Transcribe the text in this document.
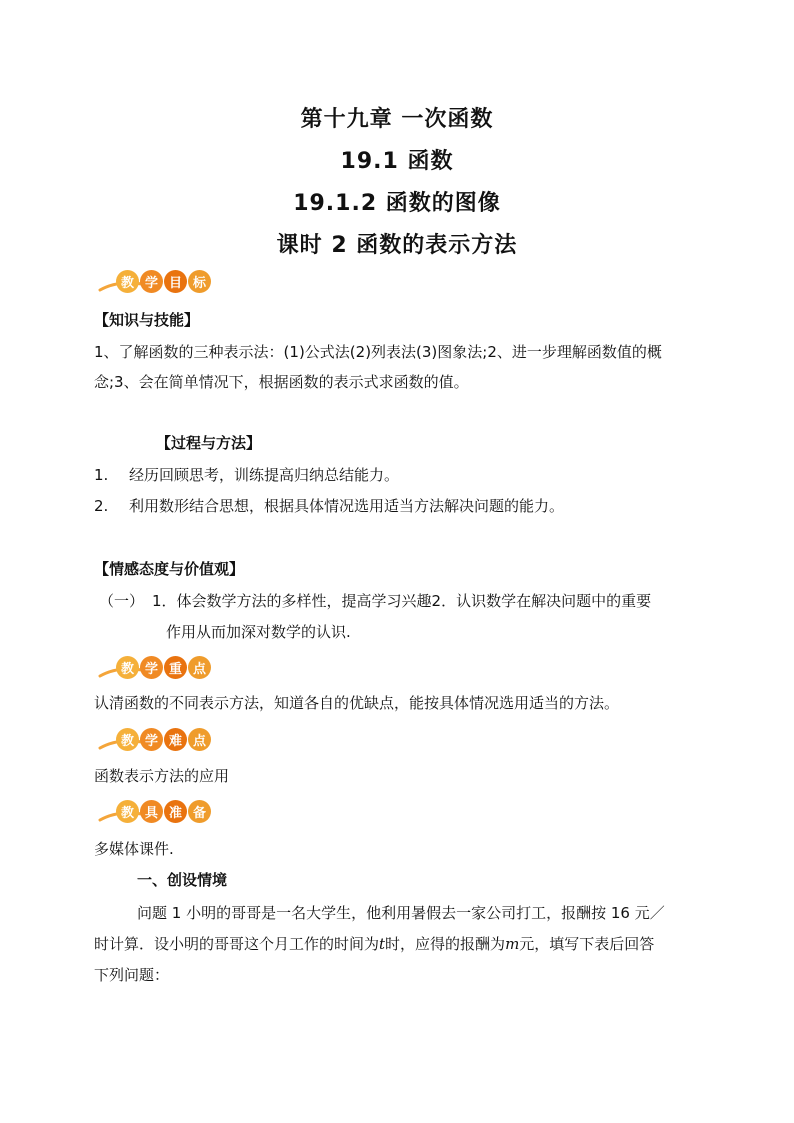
第十九章 一次函数
19.1 函数
19.1.2 函数的图像
课时 2 函数的表示方法
教 学 目 标
【知识与技能】
1、了解函数的三种表示法：(1)公式法(2)列表法(3)图象法;2、进一步理解函数值的概
念;3、会在简单情况下，根据函数的表示式求函数的值。
【过程与方法】
1. 经历回顾思考，训练提高归纳总结能力。
2. 利用数形结合思想，根据具体情况选用适当方法解决问题的能力。
【情感态度与价值观】
（一） 1．体会数学方法的多样性，提高学习兴趣2．认识数学在解决问题中的重要
作用从而加深对数学的认识.
教 学 重 点
认清函数的不同表示方法，知道各自的优缺点，能按具体情况选用适当的方法。
教 学 难 点
函数表示方法的应用
教 具 准 备
多媒体课件.
一、创设情境
问题 1 小明的哥哥是一名大学生，他利用暑假去一家公司打工，报酬按 16 元／
时计算．设小明的哥哥这个月工作的时间为t时，应得的报酬为m元，填写下表后回答
下列问题：
